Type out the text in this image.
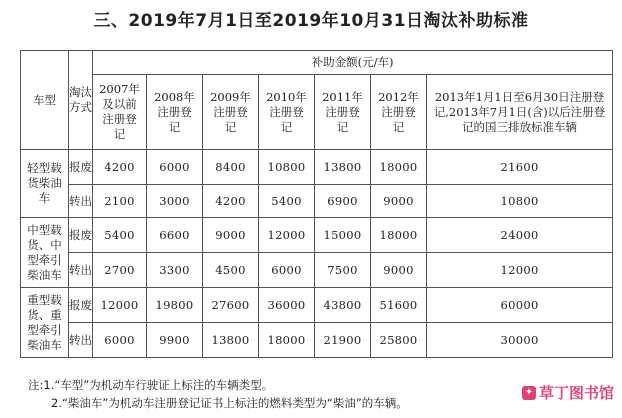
三、2019年7月1日至2019年10月31日淘汰补助标准
车型	淘汰方式	补助金额(元/车)						
		2007年及以前注册登记	2008年注册登记	2009年注册登记	2010年注册登记	2011年注册登记	2012年注册登记	2013年1月1日至6月30日注册登记,2013年7月1日(含)以后注册登记的国三排放标准车辆
轻型载货柴油车	报废	4200	6000	8400	10800	13800	18000	21600
	转出	2100	3000	4200	5400	6900	9000	10800
中型载货、中型牵引柴油车	报废	5400	6600	9000	12000	15000	18000	24000
	转出	2700	3300	4500	6000	7500	9000	12000
重型载货、重型牵引柴油车	报废	12000	19800	27600	36000	43800	51600	60000
	转出	6000	9900	13800	18000	21900	25800	30000
注:1.“车型”为机动车行驶证上标注的车辆类型。
2.“柴油车”为机动车注册登记证书上标注的燃料类型为“柴油”的车辆。
✦ 草丁图书馆
